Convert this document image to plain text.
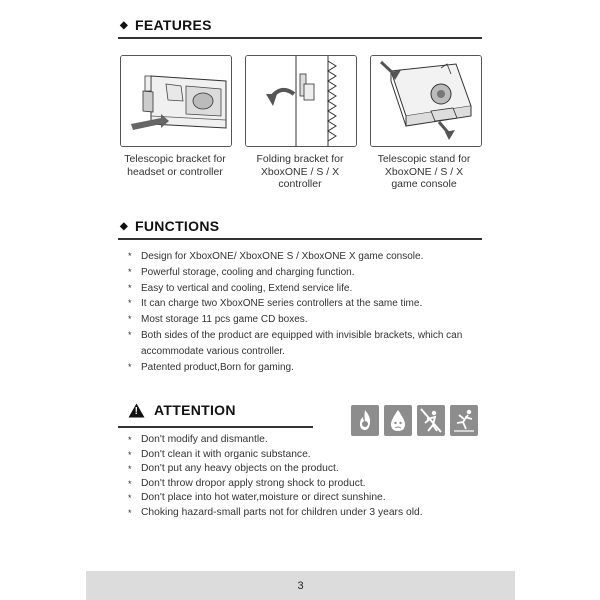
◆ FEATURES
Telescopic bracket for headset or controller
Folding bracket for XboxONE / S / X controller
Telescopic stand for XboxONE / S / X game console
◆ FUNCTIONS
* Design for XboxONE/ XboxONE S / XboxONE X game console.
* Powerful storage, cooling and charging function.
* Easy to vertical and cooling, Extend service life.
* It can charge two XboxONE series controllers at the same time.
* Most storage 11 pcs game CD boxes.
* Both sides of the product are equipped with invisible brackets, which can accommodate various controller.
* Patented product,Born for gaming.
!	ATTENTION
* Don't modify and dismantle.
* Don't clean it with organic substance.
* Don't put any heavy objects on the product.
* Don't throw dropor apply strong shock to product.
* Don't place into hot water,moisture or direct sunshine.
* Choking hazard-small parts not for children under 3 years old.
3
